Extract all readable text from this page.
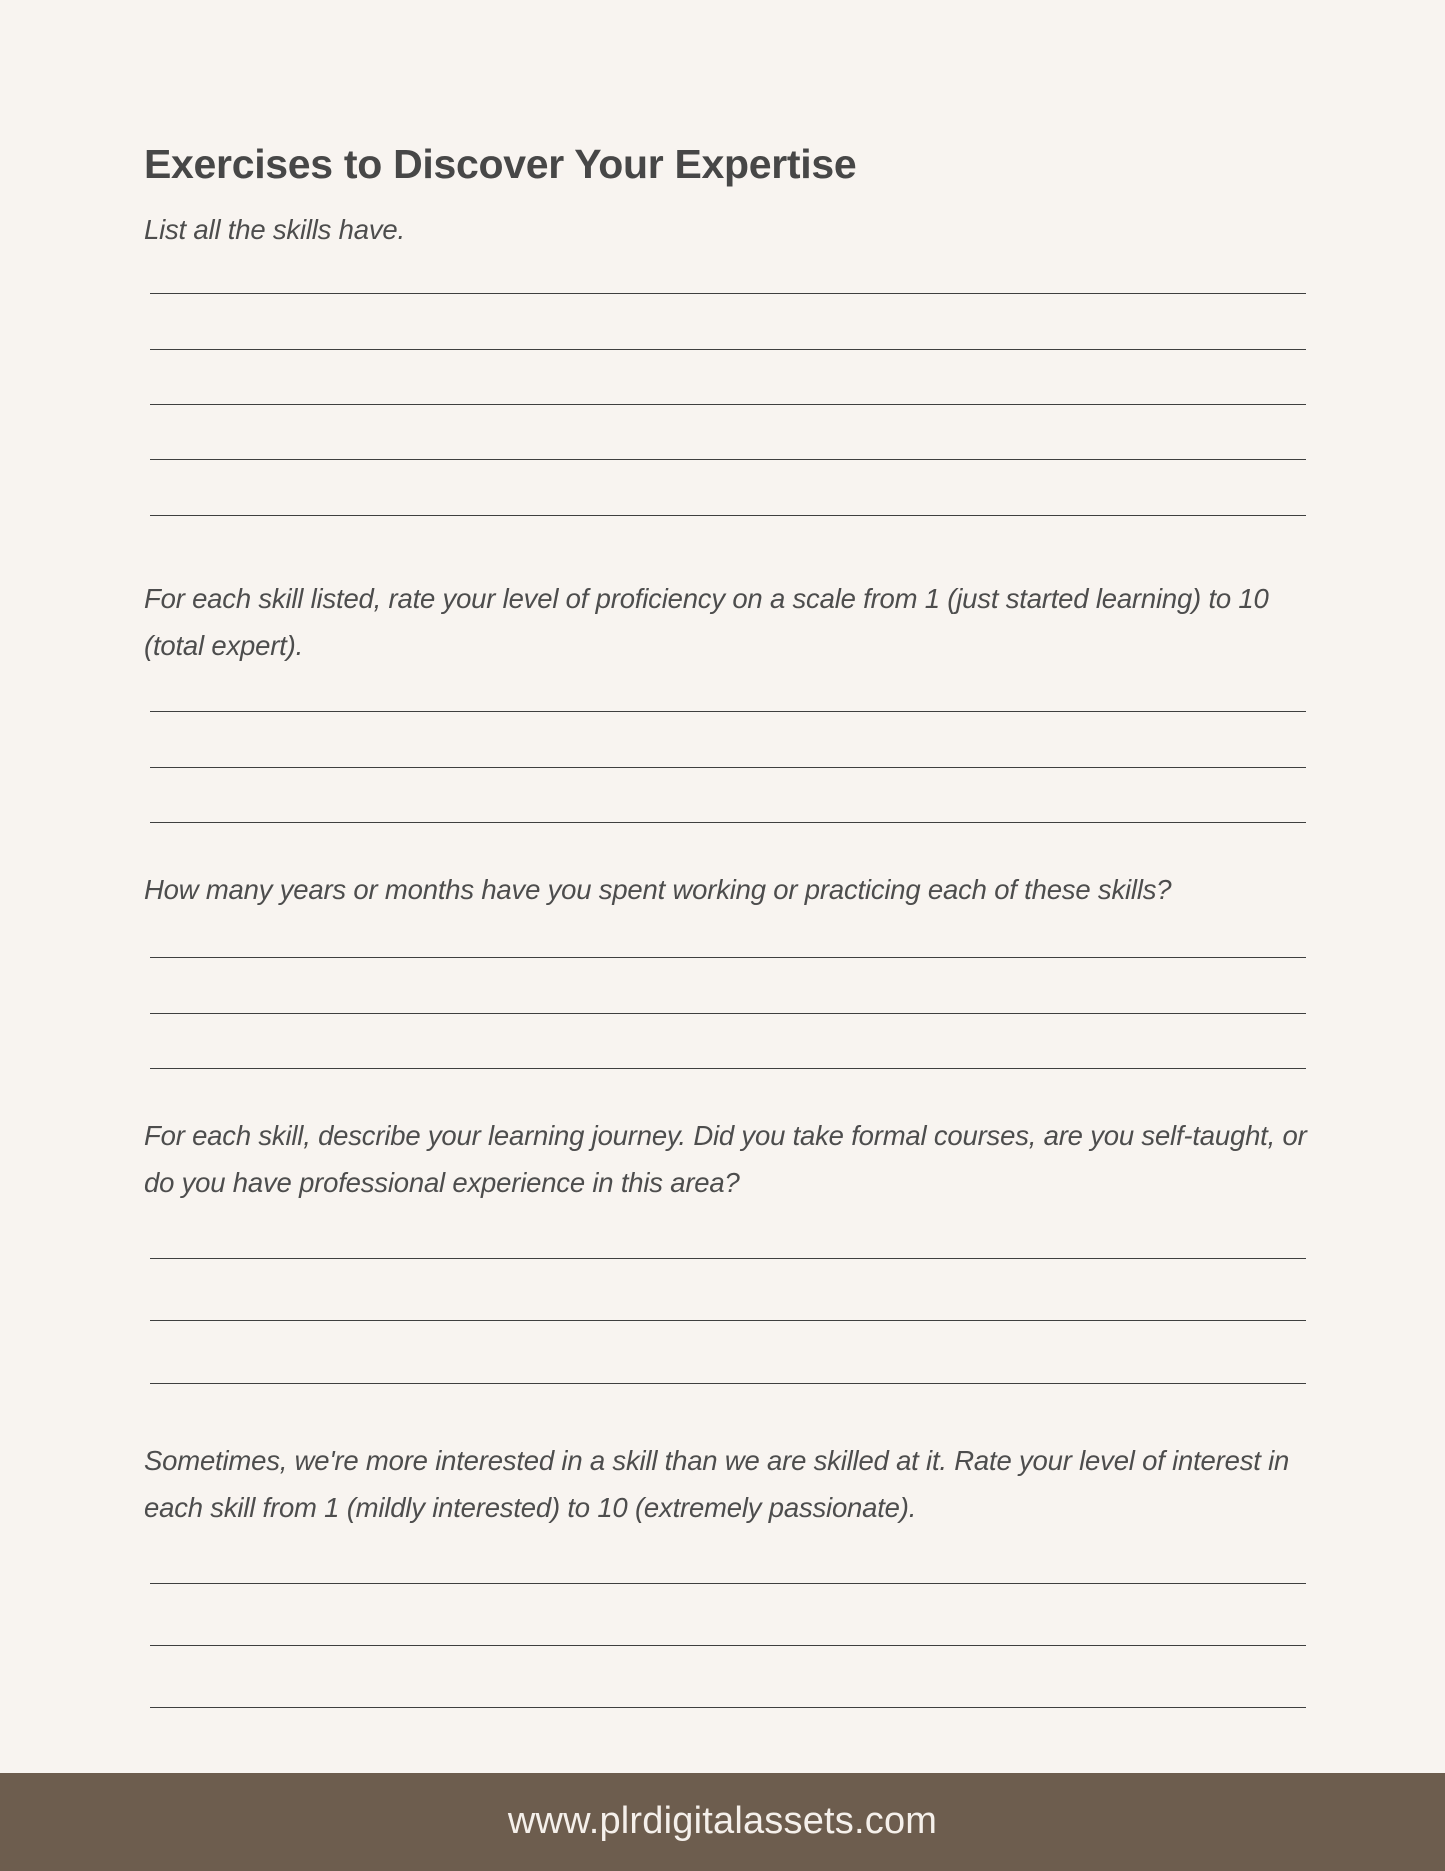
Exercises to Discover Your Expertise

List all the skills have.

For each skill listed, rate your level of proficiency on a scale from 1 (just started learning) to 10 (total expert).

How many years or months have you spent working or practicing each of these skills?

For each skill, describe your learning journey. Did you take formal courses, are you self-taught, or do you have professional experience in this area?

Sometimes, we're more interested in a skill than we are skilled at it. Rate your level of interest in each skill from 1 (mildly interested) to 10 (extremely passionate).

www.plrdigitalassets.com
